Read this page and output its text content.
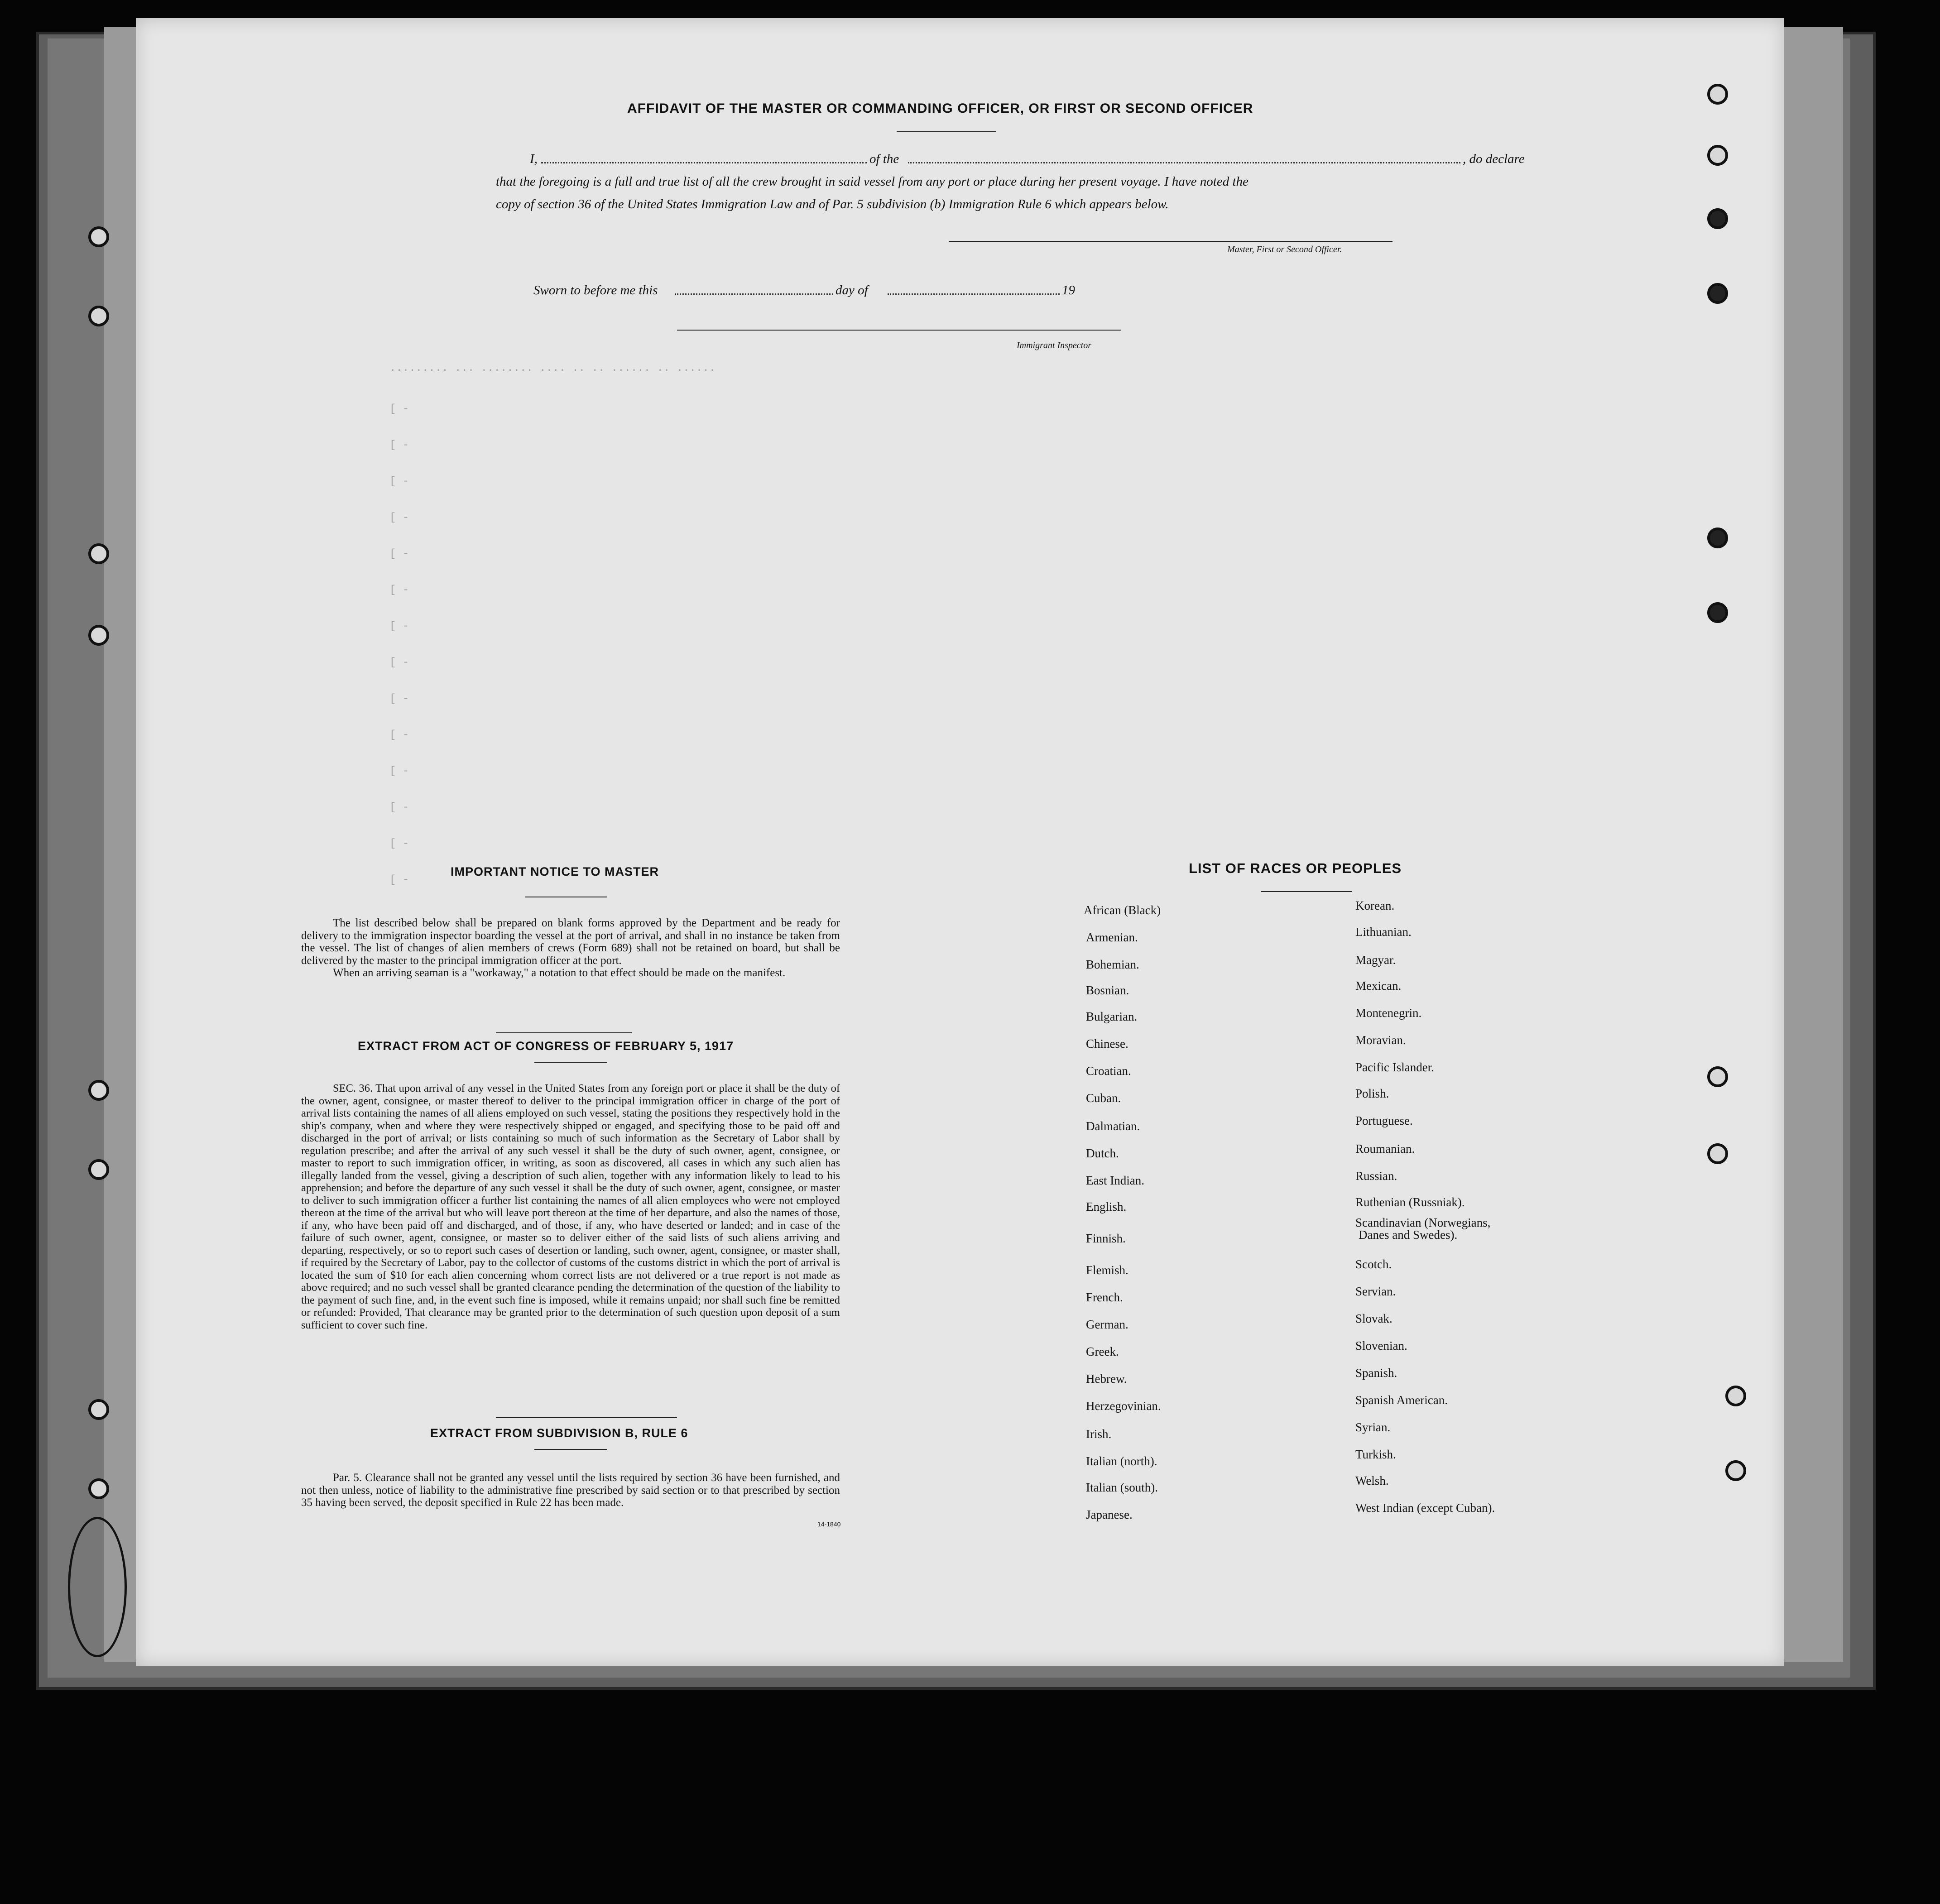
......... ... ........ .... .. .. ...... .. ......
[ -
[ -
[ -
[ -
[ -
[ -
[ -
[ -
[ -
[ -
[ -
[ -
[ -
[ -
AFFIDAVIT OF THE MASTER OR COMMANDING OFFICER, OR FIRST OR SECOND OFFICER
I,	of the	, do declare
that the foregoing is a full and true list of all the crew brought in said vessel from any port or place during her present voyage. I have noted the
copy of section 36 of the United States Immigration Law and of Par. 5 subdivision (b) Immigration Rule 6 which appears below.
Master, First or Second Officer.
Sworn to before me this	day of	19
Immigrant Inspector
IMPORTANT NOTICE TO MASTER
The list described below shall be prepared on blank forms approved by the Department and be ready for delivery to the immigration inspector boarding the vessel at the port of arrival, and shall in no instance be taken from the vessel. The list of changes of alien members of crews (Form 689) shall not be retained on board, but shall be delivered by the master to the principal immigration officer at the port.
When an arriving seaman is a "workaway," a notation to that effect should be made on the manifest.
EXTRACT FROM ACT OF CONGRESS OF FEBRUARY 5, 1917
SEC. 36. That upon arrival of any vessel in the United States from any foreign port or place it shall be the duty of the owner, agent, consignee, or master thereof to deliver to the principal immigration officer in charge of the port of arrival lists containing the names of all aliens employed on such vessel, stating the positions they respectively hold in the ship's company, when and where they were respectively shipped or engaged, and specifying those to be paid off and discharged in the port of arrival; or lists containing so much of such information as the Secretary of Labor shall by regulation prescribe; and after the arrival of any such vessel it shall be the duty of such owner, agent, consignee, or master to report to such immigration officer, in writing, as soon as discovered, all cases in which any such alien has illegally landed from the vessel, giving a description of such alien, together with any information likely to lead to his apprehension; and before the departure of any such vessel it shall be the duty of such owner, agent, consignee, or master to deliver to such immigration officer a further list containing the names of all alien employees who were not employed thereon at the time of the arrival but who will leave port thereon at the time of her departure, and also the names of those, if any, who have been paid off and discharged, and of those, if any, who have deserted or landed; and in case of the failure of such owner, agent, consignee, or master so to deliver either of the said lists of such aliens arriving and departing, respectively, or so to report such cases of desertion or landing, such owner, agent, consignee, or master shall, if required by the Secretary of Labor, pay to the collector of customs of the customs district in which the port of arrival is located the sum of $10 for each alien concerning whom correct lists are not delivered or a true report is not made as above required; and no such vessel shall be granted clearance pending the determination of the question of the liability to the payment of such fine, and, in the event such fine is imposed, while it remains unpaid; nor shall such fine be remitted or refunded: Provided, That clearance may be granted prior to the determination of such question upon deposit of a sum sufficient to cover such fine.
EXTRACT FROM SUBDIVISION B, RULE 6
Par. 5. Clearance shall not be granted any vessel until the lists required by section 36 have been furnished, and not then unless, notice of liability to the administrative fine prescribed by said section or to that prescribed by section 35 having been served, the deposit specified in Rule 22 has been made.
14-1840
LIST OF RACES OR PEOPLES
African (Black)
Armenian.
Bohemian.
Bosnian.
Bulgarian.
Chinese.
Croatian.
Cuban.
Dalmatian.
Dutch.
East Indian.
English.
Finnish.
Flemish.
French.
German.
Greek.
Hebrew.
Herzegovinian.
Irish.
Italian (north).
Italian (south).
Japanese.
Korean.
Lithuanian.
Magyar.
Mexican.
Montenegrin.
Moravian.
Pacific Islander.
Polish.
Portuguese.
Roumanian.
Russian.
Ruthenian (Russniak).
Scandinavian (Norwegians,
Danes and Swedes).
Scotch.
Servian.
Slovak.
Slovenian.
Spanish.
Spanish American.
Syrian.
Turkish.
Welsh.
West Indian (except Cuban).
